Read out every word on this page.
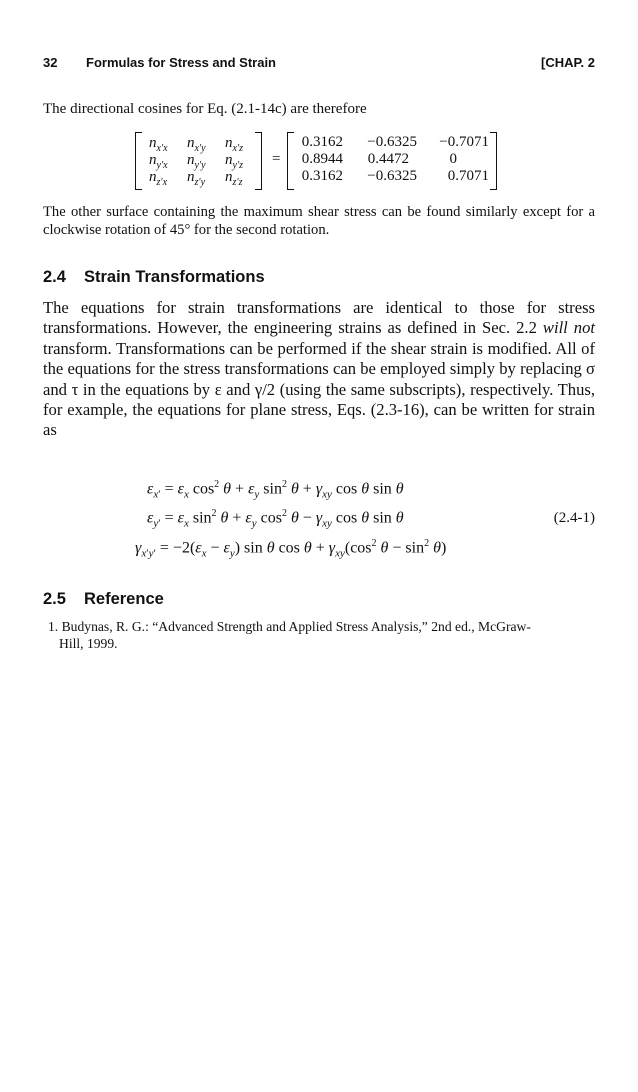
32 Formulas for Stress and Strain	[CHAP. 2
The directional cosines for Eq. (2.1-14c) are therefore
$n_{x'x}$ $n_{x'y}$ $n_{x'z}$
$n_{y'x}$ $n_{y'y}$ $n_{y'z}$
$n_{z'x}$ $n_{z'y}$ $n_{z'z}$
=
0.3162	−0.6325	−0.7071
0.8944	0.4472	0
0.3162	−0.6325	0.7071
The other surface containing the maximum shear stress can be found similarly except for a clockwise rotation of 45° for the second rotation.
2.4 Strain Transformations
The equations for strain transformations are identical to those for stress transformations. However, the engineering strains as defined in Sec. 2.2 will not transform. Transformations can be performed if the shear strain is modified. All of the equations for the stress transformations can be employed simply by replacing σ and τ in the equations by ε and γ/2 (using the same subscripts), respectively. Thus, for example, the equations for plane stress, Eqs. (2.3-16), can be written for strain as
$\varepsilon_{x'} = \varepsilon_x$ $\cos^2 \theta + \varepsilon_y$ $\sin^2 \theta + \gamma_{xy}$ cos θ sin θ
$\varepsilon_{y'} = \varepsilon_x$ $\sin^2 \theta + \varepsilon_y$ $\cos^2 \theta - \gamma_{xy}$ cos θ sin θ
$\gamma_{x'y'} = -2(\varepsilon_x - \varepsilon_y)$ sin θ $\cos \theta + \gamma_{xy}(\cos^2$ $\theta - \sin^2 \theta$)
(2.4-1)
2.5 Reference
1. Budynas, R. G.: “Advanced Strength and Applied Stress Analysis,” 2nd ed., McGraw-
Hill, 1999.
